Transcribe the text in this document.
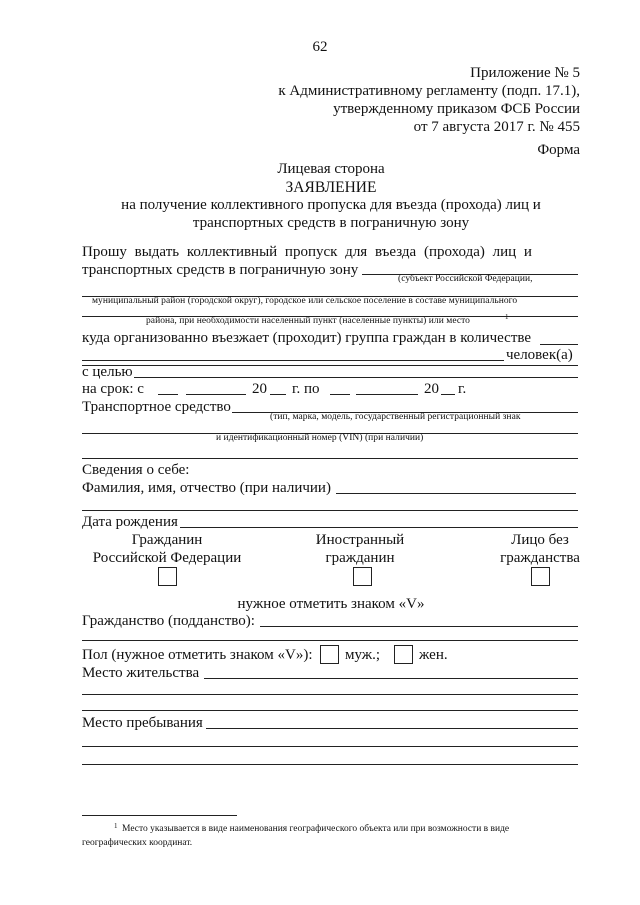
62
Приложение № 5
к Административному регламенту (подп. 17.1),
утвержденному приказом ФСБ России
от 7 августа 2017 г. № 455
Форма
Лицевая сторона
ЗАЯВЛЕНИЕ
на получение коллективного пропуска для въезда (прохода) лиц и
транспортных средств в пограничную зону
Прошу выдать коллективный пропуск для въезда (прохода) лиц и
транспортных средств в пограничную зону
(субъект Российской Федерации,
муниципальный район (городской округ), городское или сельское поселение в составе муниципального
района, при необходимости населенный пункт (населенные пункты) или место	1
куда организованно въезжает (проходит) группа граждан в количестве
человек(а)
с целью
на срок: с	20 г. по	20 г.
Транспортное средство
(тип, марка, модель, государственный регистрационный знак
и идентификационный номер (VIN) (при наличии)
Сведения о себе:
Фамилия, имя, отчество (при наличии)
Дата рождения
Гражданин
Российской Федерации
Иностранный
гражданин
Лицо без
гражданства
нужное отметить знаком «V»
Гражданство (подданство):
Пол (нужное отметить знаком «V»): муж.;	жен.
Место жительства
Место пребывания
1 Место указывается в виде наименования географического объекта или при возможности в виде
географических координат.
